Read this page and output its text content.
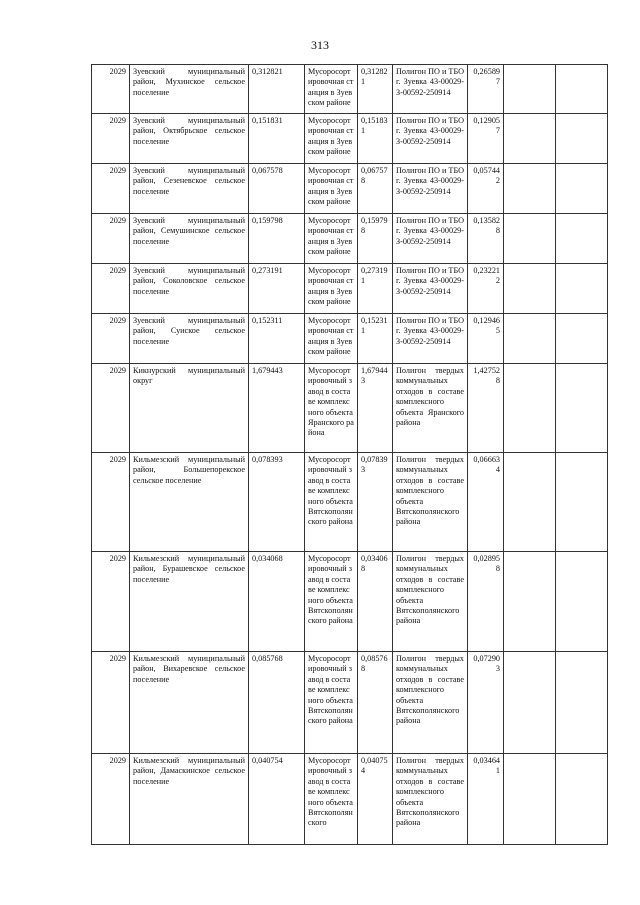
313
2029	Зуевский муниципальный район, Мухинское сельское поселение	0,312821	Мусоросортировочная станция в Зуевском районе	0,312821	Полигон ПО и ТБО г. Зуевка 43-00029-З-00592-250914	0,265897		

2029	Зуевский муниципальный район, Октябрьское сельское поселение	0,151831	Мусоросортировочная станция в Зуевском районе	0,151831	Полигон ПО и ТБО г. Зуевка 43-00029-З-00592-250914	0,129057		

2029	Зуевский муниципальный район, Сезеневское сельское поселение	0,067578	Мусоросортировочная станция в Зуевском районе	0,067578	Полигон ПО и ТБО г. Зуевка 43-00029-З-00592-250914	0,057442		

2029	Зуевский муниципальный район, Семушинское сельское поселение	0,159798	Мусоросортировочная станция в Зуевском районе	0,159798	Полигон ПО и ТБО г. Зуевка 43-00029-З-00592-250914	0,135828		

2029	Зуевский муниципальный район, Соколовское сельское поселение	0,273191	Мусоросортировочная станция в Зуевском районе	0,273191	Полигон ПО и ТБО г. Зуевка 43-00029-З-00592-250914	0,232212		

2029	Зуевский муниципальный район, Суиское сельское поселение	0,152311	Мусоросортировочная станция в Зуевском районе	0,152311	Полигон ПО и ТБО г. Зуевка 43-00029-З-00592-250914	0,129465		

2029	Кикнурский муниципальный округ	1,679443	Мусоросортировочный завод в составе комплексного объекта Яранского района	1,679443	Полигон твердых коммунальных отходов в составе комплексного объекта Яранского района	1,427528		

2029	Кильмезский муниципальный район, Большепорекское сельское поселение	0,078393	Мусоросортировочный завод в составе комплексного объекта Вятскополянского района	0,078393	Полигон твердых коммунальных отходов в составе комплексного объекта Вятскополянского района	0,066634		

2029	Кильмезский муниципальный район, Бурашевское сельское поселение	0,034068	Мусоросортировочный завод в составе комплексного объекта Вятскополянского района	0,034068	Полигон твердых коммунальных отходов в составе комплексного объекта Вятскополянского района	0,028958		

2029	Кильмезский муниципальный район, Вихаревское сельское поселение	0,085768	Мусоросортировочный завод в составе комплексного объекта Вятскополянского района	0,085768	Полигон твердых коммунальных отходов в составе комплексного объекта Вятскополянского района	0,072903		

2029	Кильмезский муниципальный район, Дамаскинское сельское поселение	0,040754	Мусоросортировочный завод в составе комплексного объекта Вятскополянского	0,040754	Полигон твердых коммунальных отходов в составе комплексного объекта Вятскополянского района	0,034641		
